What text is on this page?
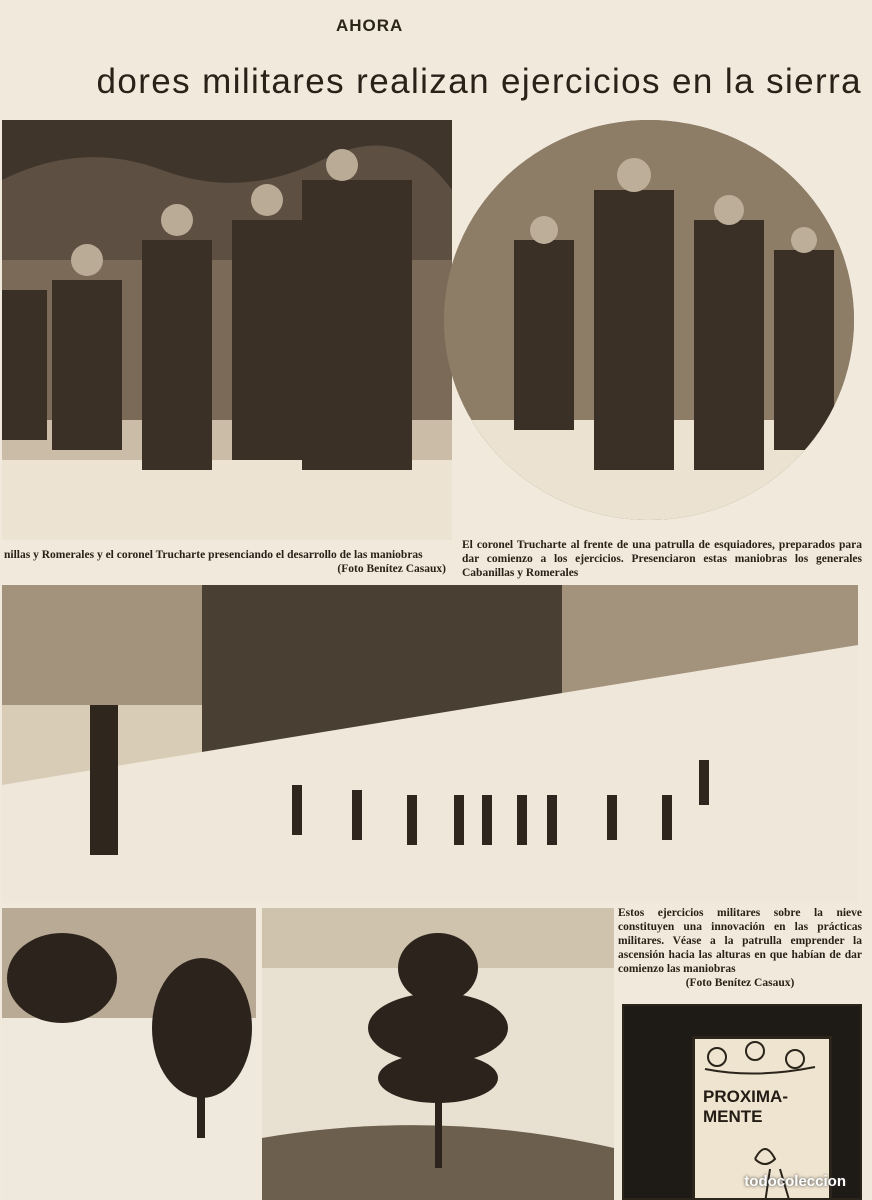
AHORA
dores militares realizan ejercicios en la sierra
nillas y Romerales y el coronel Trucharte presenciando el desarrollo de las maniobras
(Foto Benítez Casaux)
El coronel Trucharte al frente de una patrulla de esquiadores, preparados para dar comienzo a los ejercicios. Presenciaron estas maniobras los generales Cabanillas y Romerales
Estos ejercicios militares sobre la nieve constituyen una innovación en las prácticas militares. Véase a la patrulla emprender la ascensión hacia las alturas en que habían de dar comienzo las maniobras
(Foto Benítez Casaux)
PROXIMA-
MENTE
todocoleccion
